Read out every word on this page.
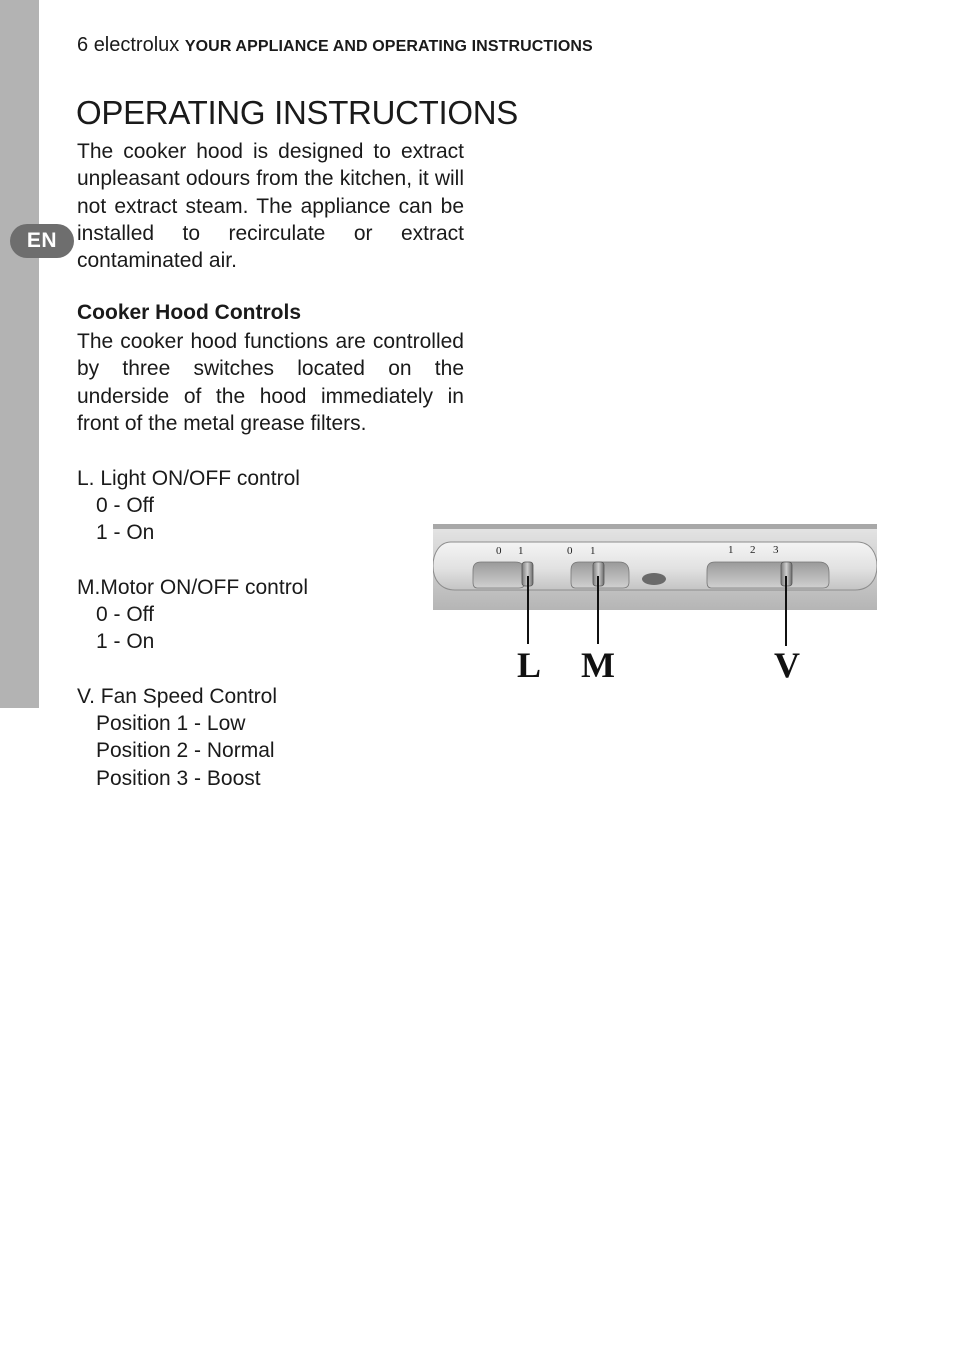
EN
6 electrolux YOUR APPLIANCE AND OPERATING INSTRUCTIONS
OPERATING INSTRUCTIONS

The cooker hood is designed to extract unpleasant odours from the kitchen, it will not extract steam. The appliance can be installed to recirculate or extract contaminated air.

Cooker Hood Controls

The cooker hood functions are controlled by three switches located on the underside of the hood immediately in front of the metal grease filters.

L. Light ON/OFF control
0 - Off
1 - On
M.Motor ON/OFF control
0 - Off
1 - On
V. Fan Speed Control
Position 1 - Low
Position 2 - Normal
Position 3 - Boost
0 1	0 1	1 2 3
L M	V
